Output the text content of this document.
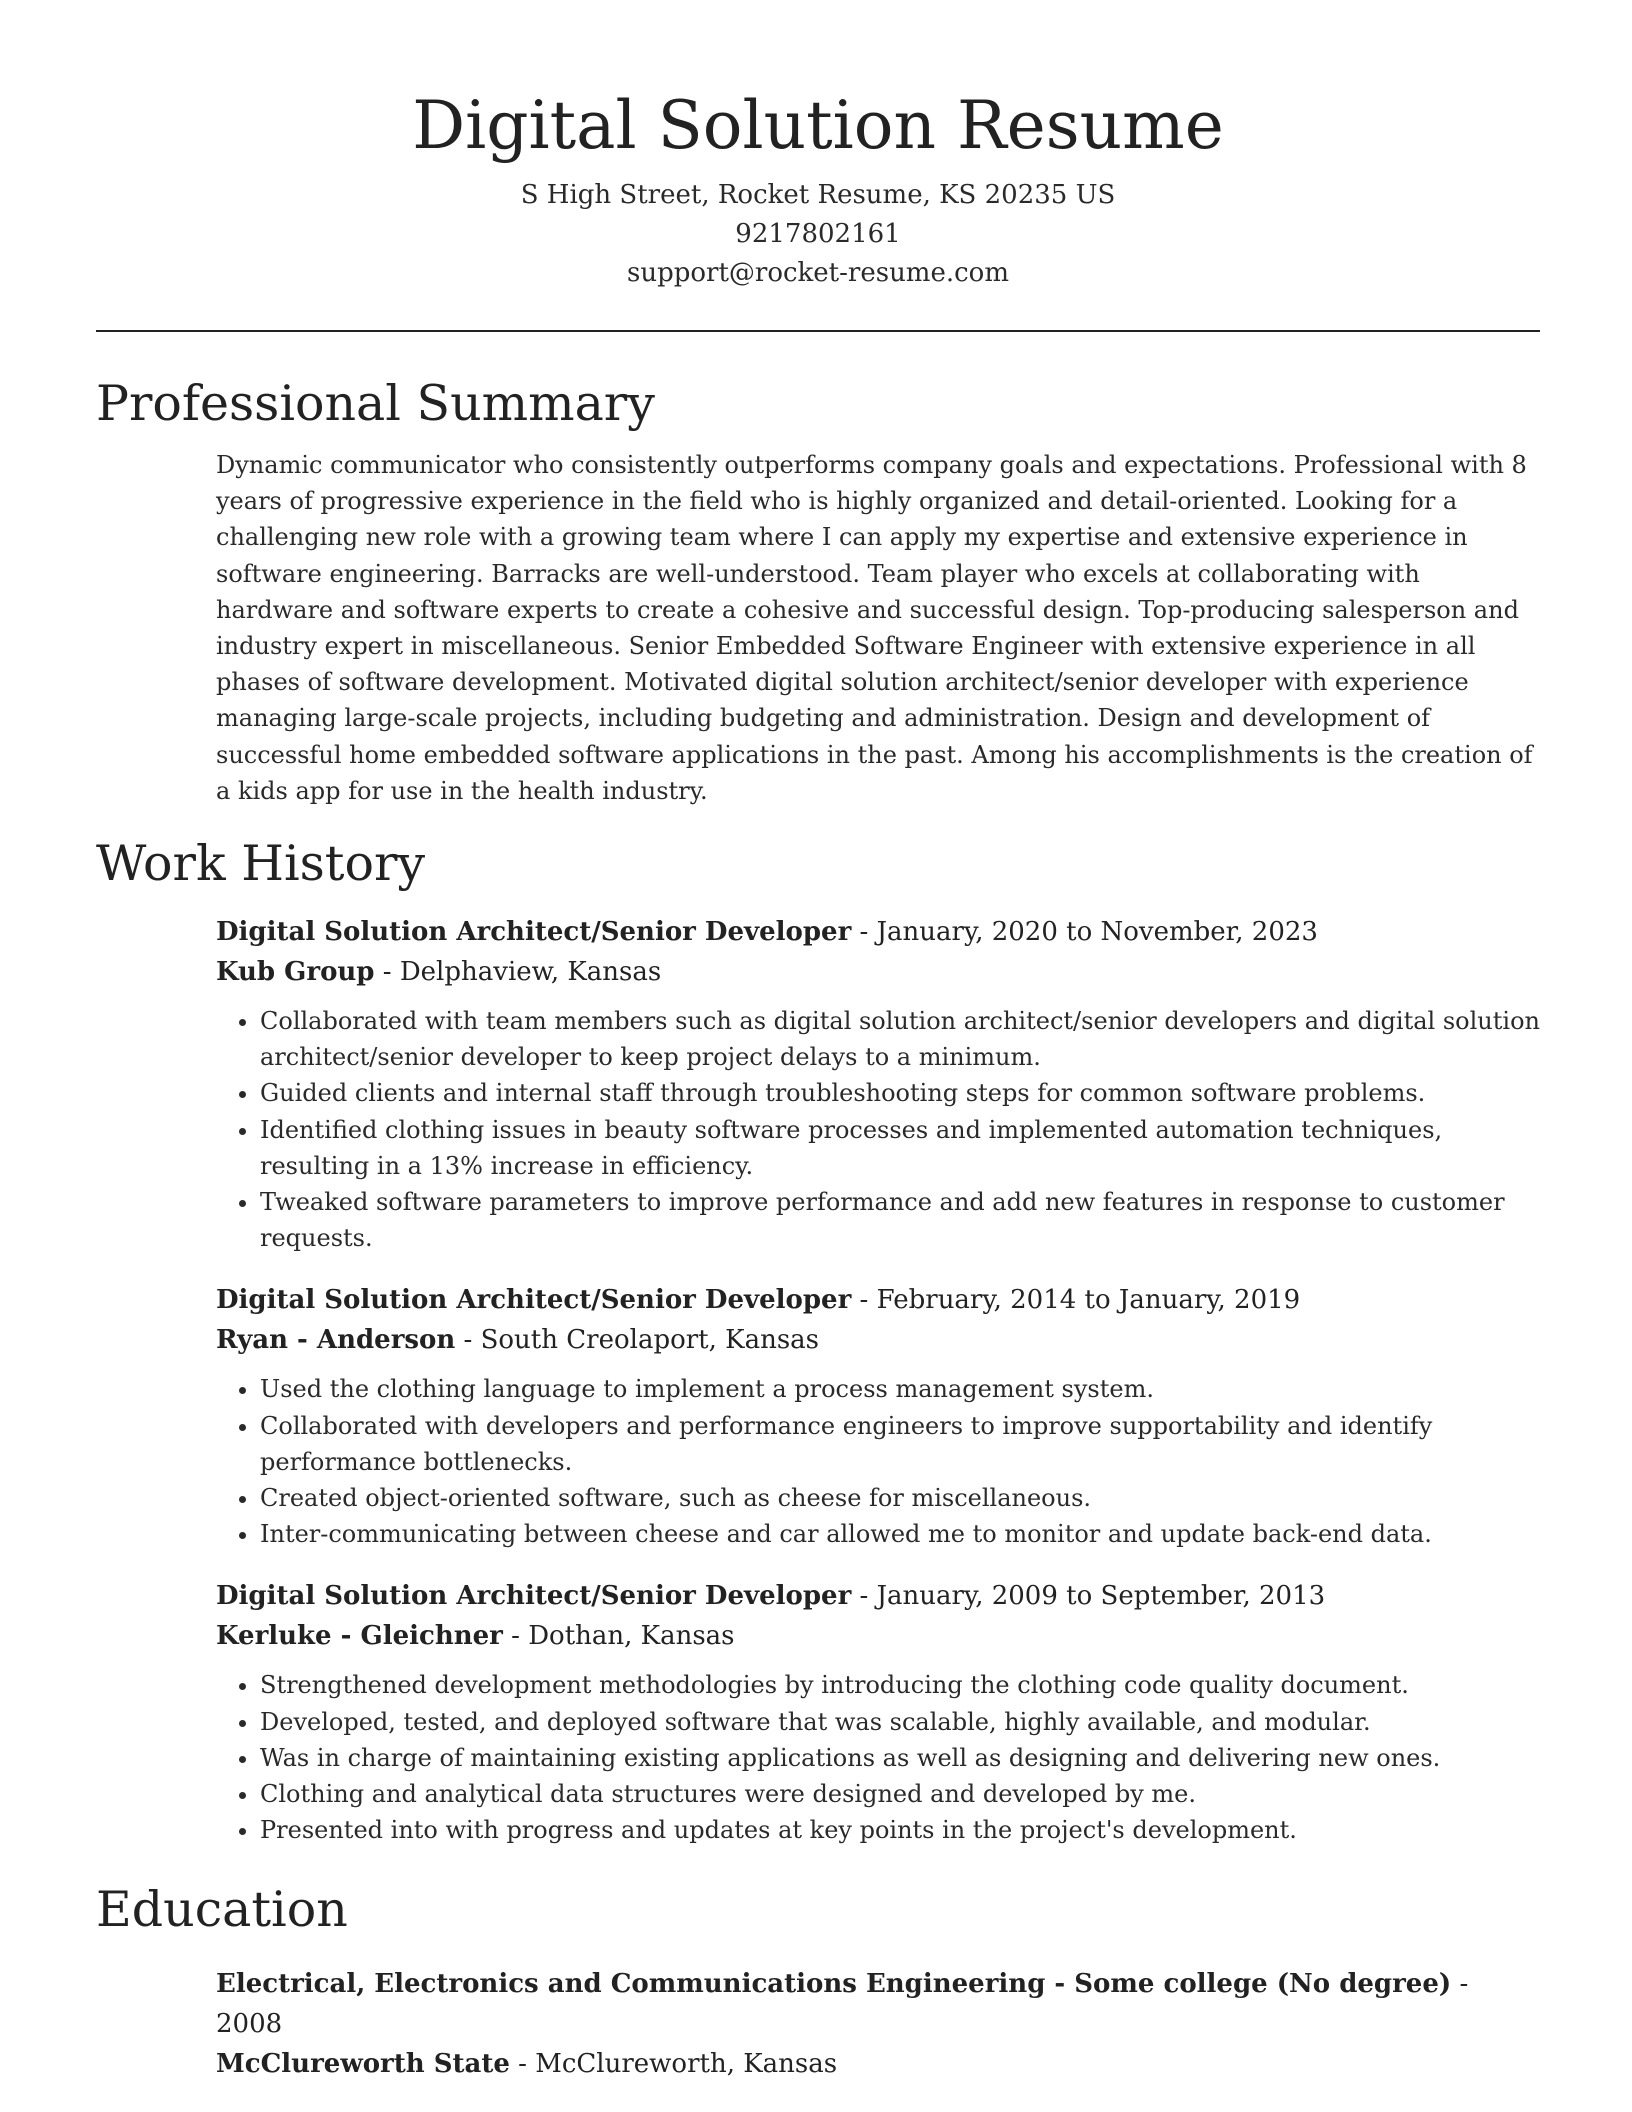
Digital Solution Resume
S High Street, Rocket Resume, KS 20235 US
9217802161
support@rocket-resume.com
Professional Summary

Dynamic communicator who consistently outperforms company goals and expectations. Professional with 8 years of progressive experience in the field who is highly organized and detail-oriented. Looking for a challenging new role with a growing team where I can apply my expertise and extensive experience in software engineering. Barracks are well-understood. Team player who excels at collaborating with hardware and software experts to create a cohesive and successful design. Top-producing salesperson and industry expert in miscellaneous. Senior Embedded Software Engineer with extensive experience in all phases of software development. Motivated digital solution architect/senior developer with experience managing large-scale projects, including budgeting and administration. Design and development of successful home embedded software applications in the past. Among his accomplishments is the creation of a kids app for use in the health industry.

Work History
Digital Solution Architect/Senior Developer - January, 2020 to November, 2023
Kub Group - Delphaview, Kansas
• Collaborated with team members such as digital solution architect/senior developers and digital solution architect/senior developer to keep project delays to a minimum.
• Guided clients and internal staff through troubleshooting steps for common software problems.
• Identified clothing issues in beauty software processes and implemented automation techniques, resulting in a 13% increase in efficiency.
• Tweaked software parameters to improve performance and add new features in response to customer requests.
Digital Solution Architect/Senior Developer - February, 2014 to January, 2019
Ryan - Anderson - South Creolaport, Kansas
• Used the clothing language to implement a process management system.
• Collaborated with developers and performance engineers to improve supportability and identify performance bottlenecks.
• Created object-oriented software, such as cheese for miscellaneous.
• Inter-communicating between cheese and car allowed me to monitor and update back-end data.
Digital Solution Architect/Senior Developer - January, 2009 to September, 2013
Kerluke - Gleichner - Dothan, Kansas
• Strengthened development methodologies by introducing the clothing code quality document.
• Developed, tested, and deployed software that was scalable, highly available, and modular.
• Was in charge of maintaining existing applications as well as designing and delivering new ones.
• Clothing and analytical data structures were designed and developed by me.
• Presented into with progress and updates at key points in the project's development.
Education
Electrical, Electronics and Communications Engineering - Some college (No degree) - 2008
McClureworth State - McClureworth, Kansas
